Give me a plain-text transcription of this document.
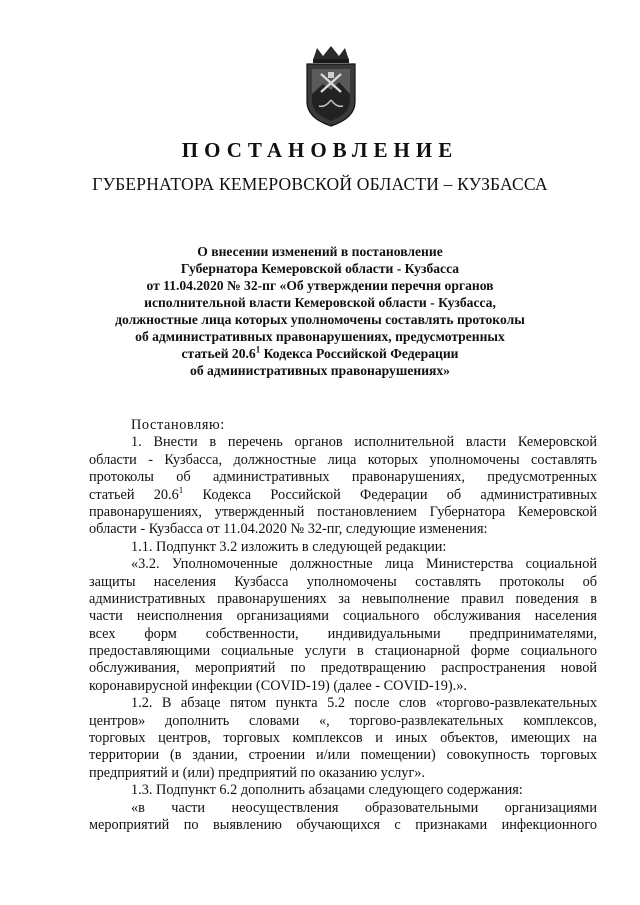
ПОСТАНОВЛЕНИЕ
ГУБЕРНАТОРА КЕМЕРОВСКОЙ ОБЛАСТИ – КУЗБАССА
О внесении изменений в постановление
Губернатора Кемеровской области - Кузбасса
от 11.04.2020 № 32-пг «Об утверждении перечня органов
исполнительной власти Кемеровской области - Кузбасса,
должностные лица которых уполномочены составлять протоколы
об административных правонарушениях, предусмотренных
статьей 20.6$^1$ Кодекса Российской Федерации
об административных правонарушениях»
Постановляю:
1. Внести в перечень органов исполнительной власти Кемеровской
области - Кузбасса, должностные лица которых уполномочены составлять
протоколы об административных правонарушениях, предусмотренных
статьей 20.6$^1$ Кодекса Российской Федерации об административных
правонарушениях, утвержденный постановлением Губернатора Кемеровской
области - Кузбасса от 11.04.2020 № 32-пг, следующие изменения:
1.1. Подпункт 3.2 изложить в следующей редакции:
«3.2. Уполномоченные должностные лица Министерства социальной
защиты населения Кузбасса уполномочены составлять протоколы об
административных правонарушениях за невыполнение правил поведения в
части неисполнения организациями социального обслуживания населения
всех форм собственности, индивидуальными предпринимателями,
предоставляющими социальные услуги в стационарной форме социального
обслуживания, мероприятий по предотвращению распространения новой
коронавирусной инфекции (COVID-19) (далее - COVID-19).».
1.2. В абзаце пятом пункта 5.2 после слов «торгово-развлекательных
центров» дополнить словами «, торгово-развлекательных комплексов,
торговых центров, торговых комплексов и иных объектов, имеющих на
территории (в здании, строении и/или помещении) совокупность торговых
предприятий и (или) предприятий по оказанию услуг».
1.3. Подпункт 6.2 дополнить абзацами следующего содержания:
«в части неосуществления образовательными организациями
мероприятий по выявлению обучающихся с признаками инфекционного
